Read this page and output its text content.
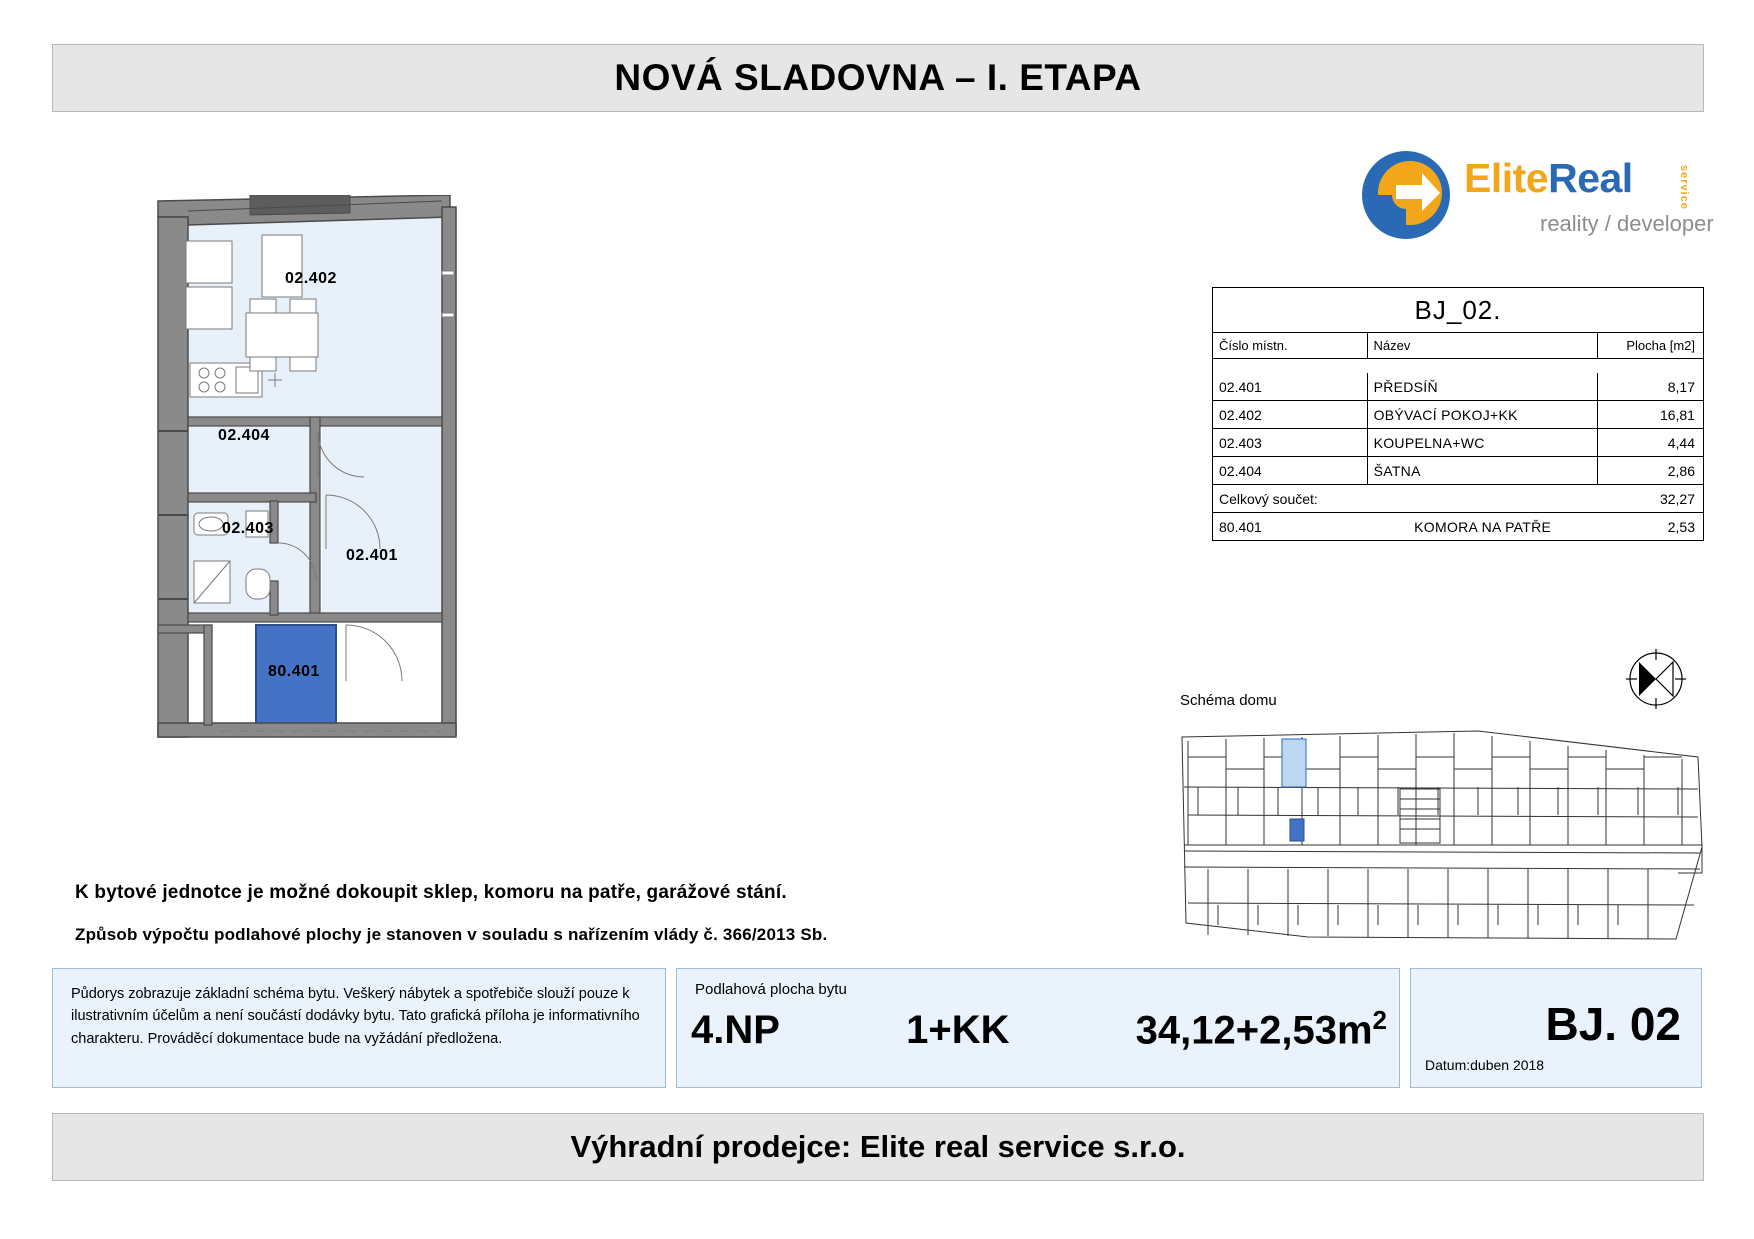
NOVÁ SLADOVNA – I. ETAPA
EliteReal	service
reality / developer
BJ_02.
Číslo místn.	Název	Plocha [m2]
02.401	PŘEDSÍŇ	8,17
02.402	OBÝVACÍ POKOJ+KK	16,81
02.403	KOUPELNA+WC	4,44
02.404	ŠATNA	2,86
Celkový součet:	32,27
80.401	KOMORA NA PATŘE	2,53
Schéma domu
02.402
02.404
02.403
02.401
80.401
K bytové jednotce je možné dokoupit sklep, komoru na patře, garážové stání.
Způsob výpočtu podlahové plochy je stanoven v souladu s nařízením vlády č. 366/2013 Sb.
Půdorys zobrazuje základní schéma bytu. Veškerý nábytek a spotřebiče slouží pouze k ilustrativním účelům a není součástí dodávky bytu. Tato grafická příloha je informativního charakteru. Prováděcí dokumentace bude na vyžádání předložena.
Podlahová plocha bytu
4.NP	1+KK	$34,12+2,53m^2$	BJ. 02
Datum:duben 2018
Výhradní prodejce: Elite real service s.r.o.
